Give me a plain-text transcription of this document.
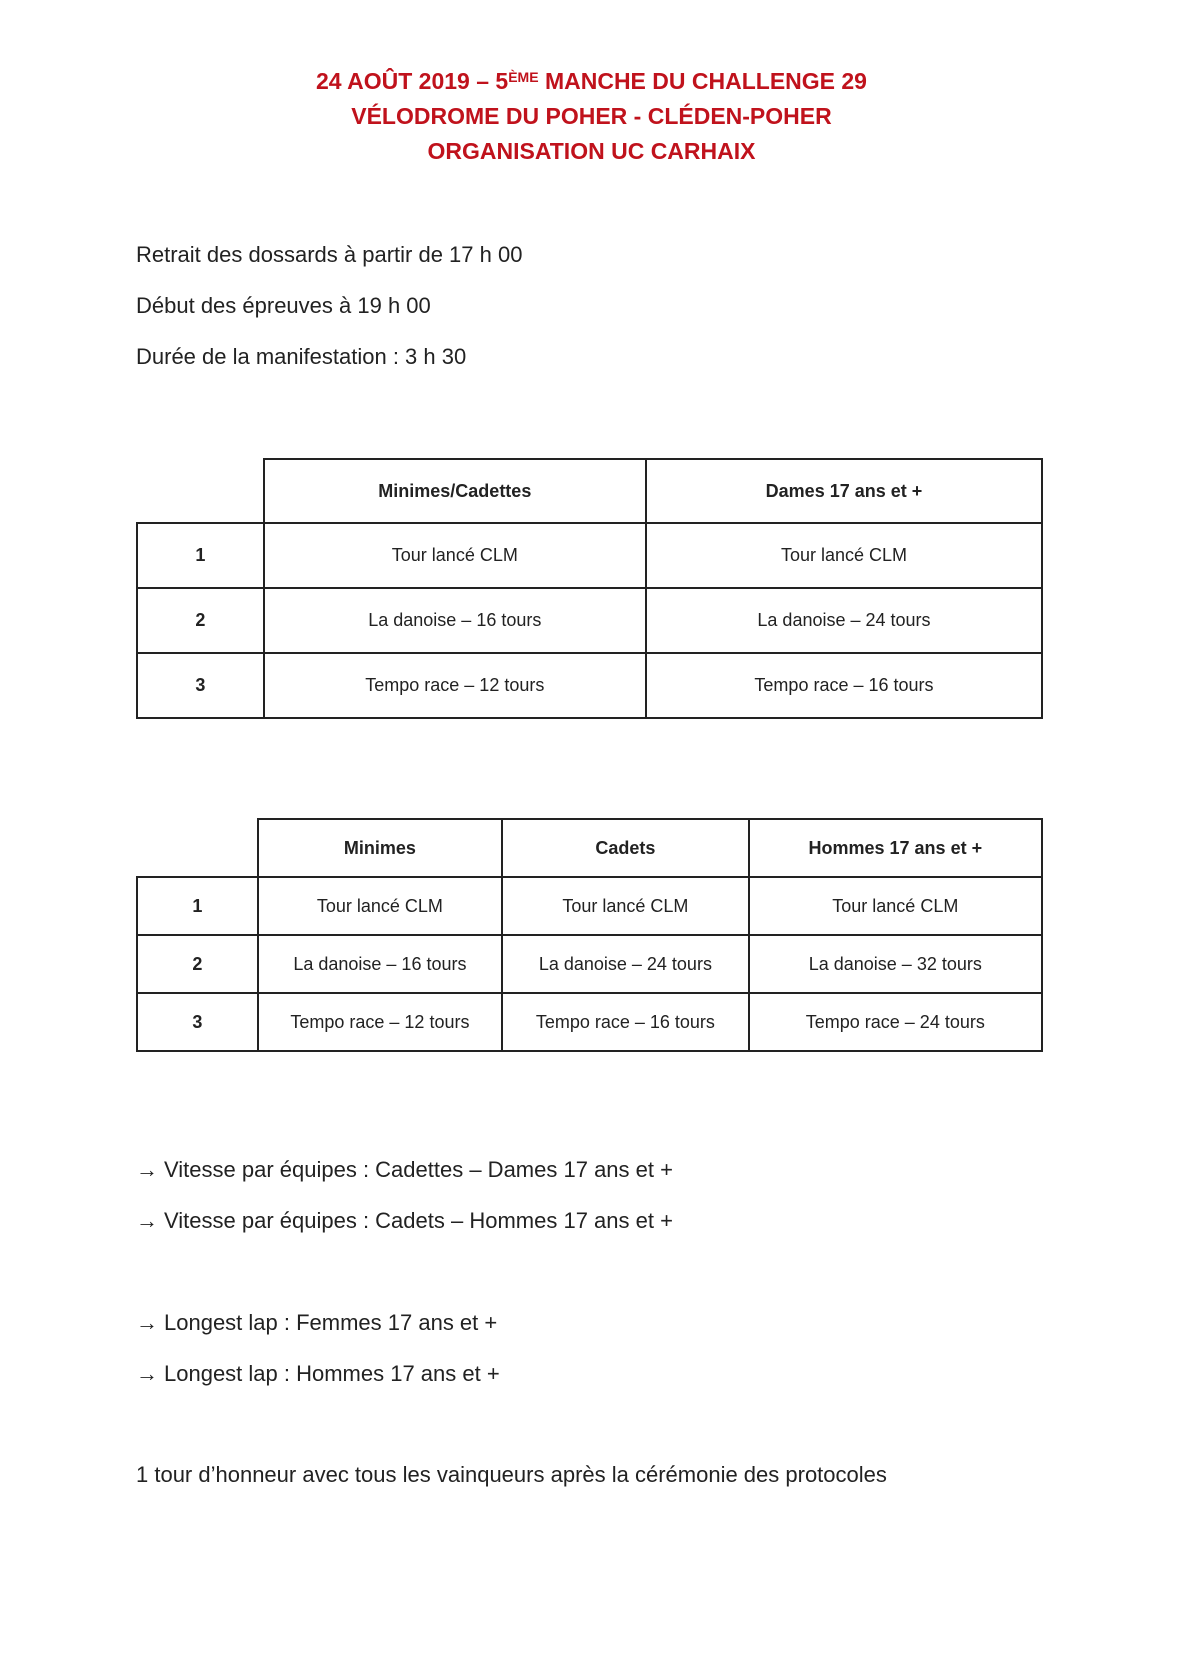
24 AOÛT 2019 – 5ÈME MANCHE DU CHALLENGE 29
VÉLODROME DU POHER - CLÉDEN-POHER
ORGANISATION UC CARHAIX
Retrait des dossards à partir de 17 h 00
Début des épreuves à 19 h 00
Durée de la manifestation : 3 h 30
	Minimes/Cadettes	Dames 17 ans et +
1	Tour lancé CLM	Tour lancé CLM
2	La danoise – 16 tours	La danoise – 24 tours
3	Tempo race – 12 tours	Tempo race – 16 tours
	Minimes	Cadets	Hommes 17 ans et +
1	Tour lancé CLM	Tour lancé CLM	Tour lancé CLM
2	La danoise – 16 tours	La danoise – 24 tours	La danoise – 32 tours
3	Tempo race – 12 tours	Tempo race – 16 tours	Tempo race – 24 tours
→ Vitesse par équipes : Cadettes – Dames 17 ans et +
→ Vitesse par équipes : Cadets – Hommes 17 ans et +
→ Longest lap : Femmes 17 ans et +
→ Longest lap : Hommes 17 ans et +
1 tour d’honneur avec tous les vainqueurs après la cérémonie des protocoles
